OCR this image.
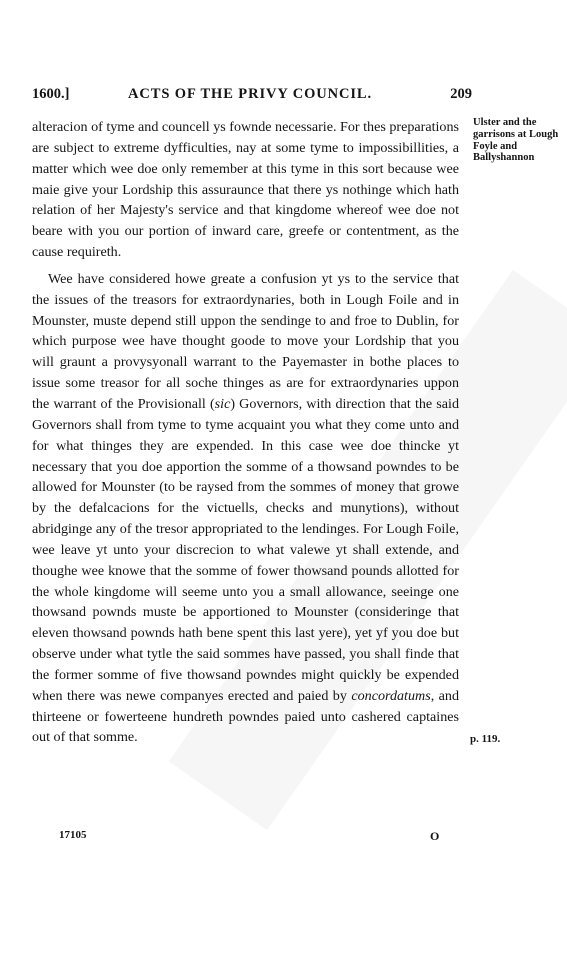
1600.]	ACTS OF THE PRIVY COUNCIL.	209

alteracion of tyme and councell ys fownde necessarie. For thes preparations are subject to extreme dyfficulties, nay at some tyme to impossibillities, a matter which wee doe only remember at this tyme in this sort because wee maie give your Lordship this assuraunce that there ys nothinge which hath relation of her Majesty's service and that kingdome whereof wee doe not beare with you our portion of inward care, greefe or contentment, as the cause requireth.

Wee have considered howe greate a confusion yt ys to the service that the issues of the treasors for extraordynaries, both in Lough Foile and in Mounster, muste depend still uppon the sendinge to and froe to Dublin, for which purpose wee have thought goode to move your Lordship that you will graunt a provysyonall warrant to the Payemaster in bothe places to issue some treasor for all soche thinges as are for extraordynaries uppon the warrant of the Provisionall (sic) Governors, with direction that the said Governors shall from tyme to tyme acquaint you what they come unto and for what thinges they are expended. In this case wee doe thincke yt necessary that you doe apportion the somme of a thowsand powndes to be allowed for Mounster (to be raysed from the sommes of money that growe by the defalcacions for the victuells, checks and munytions), without abridginge any of the tresor appropriated to the lendinges. For Lough Foile, wee leave yt unto your discrecion to what valewe yt shall extende, and thoughe wee knowe that the somme of fower thowsand pounds allotted for the whole kingdome will seeme unto you a small allowance, seeinge one thowsand pownds muste be apportioned to Mounster (consideringe that eleven thowsand pownds hath bene spent this last yere), yet yf you doe but observe under what tytle the said sommes have passed, you shall finde that the former somme of five thowsand powndes might quickly be expended when there was newe companyes erected and paied by concordatums, and thirteene or fowerteene hundreth powndes paied unto cashered captaines out of that somme.

Ulster and the garrisons at Lough Foyle and Ballyshannon
p. 119.
17105	O
